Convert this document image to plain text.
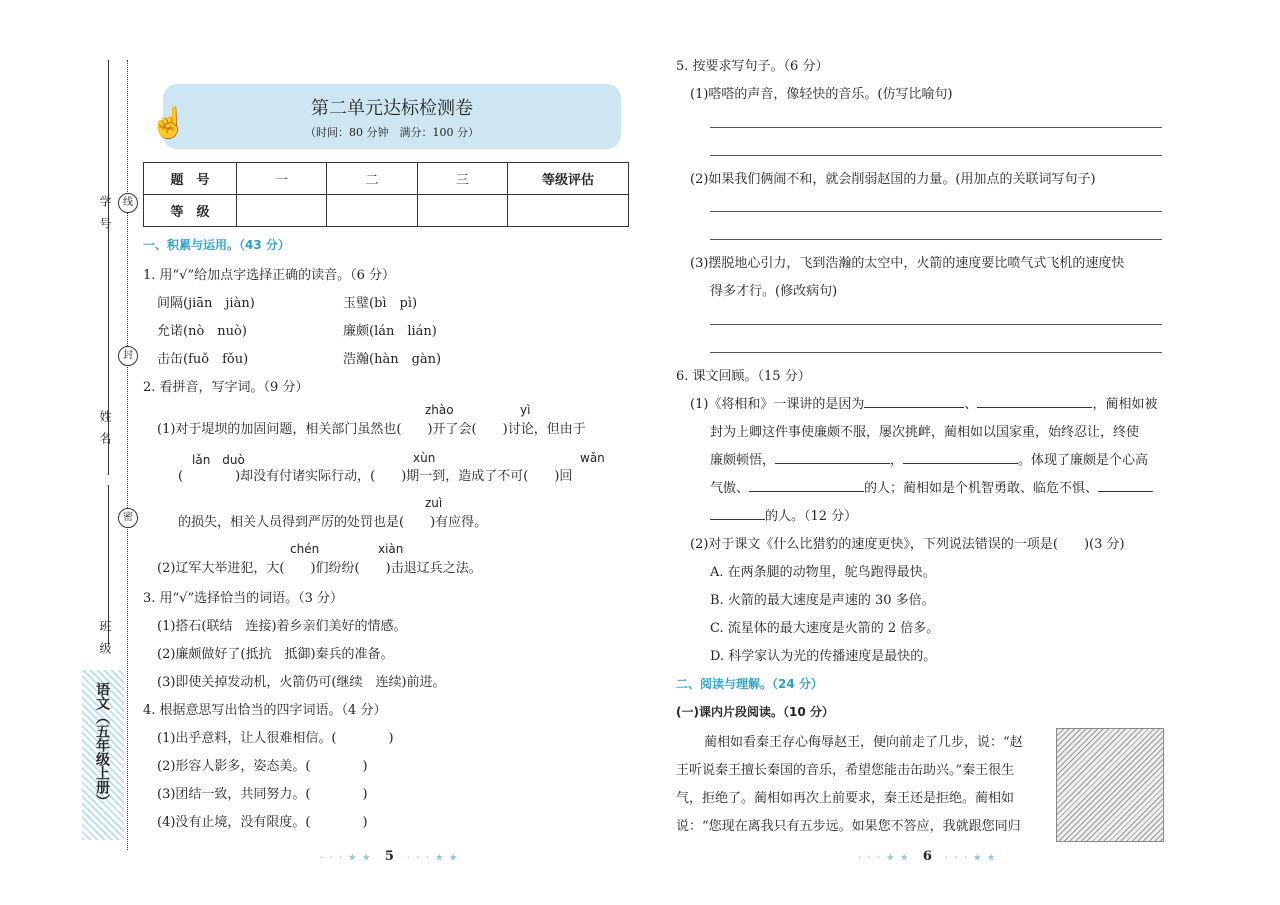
线
封
密
学号
姓名
班级
语文（五年级上册）
第二单元达标检测卷
（时间：80 分钟　满分：100 分）
☝
题　号	一	二	三	等级评估
等　级				
一、积累与运用。（43 分）
1. 用“√”给加点字选择正确的读音。（6 分）
间隔(jiān　jiàn)	玉璧(bì　pì)
允诺(nò　nuò)	廉颇(lán　lián)
击缶(fuǒ　fǒu)	浩瀚(hàn　gàn)
2. 看拼音，写字词。（9 分）
zhào	yì
(1)对于堤坝的加固问题，相关部门虽然也(　　)开了会(　　)讨论，但由于
lǎn　duò	xùn	wǎn
(　　　　)却没有付诸实际行动，(　　)期一到，造成了不可(　　)回
zuì
的损失，相关人员得到严厉的处罚也是(　　)有应得。
chén	xiàn
(2)辽军大举进犯，大(　　)们纷纷(　　)击退辽兵之法。
3. 用“√”选择恰当的词语。（3 分）
(1)搭石(联结　连接)着乡亲们美好的情感。
(2)廉颇做好了(抵抗　抵御)秦兵的准备。
(3)即使关掉发动机，火箭仍可(继续　连续)前进。
4. 根据意思写出恰当的四字词语。（4 分）
(1)出乎意料，让人很难相信。(　　　　)
(2)形容人影多，姿态美。(　　　　)
(3)团结一致，共同努力。(　　　　)
(4)没有止境，没有限度。(　　　　)
· · · ★ ★　 5　 · · · ★ ★
5. 按要求写句子。（6 分）
(1)嗒嗒的声音，像轻快的音乐。(仿写比喻句)
(2)如果我们俩闹不和，就会削弱赵国的力量。(用加点的关联词写句子)
(3)摆脱地心引力，飞到浩瀚的太空中，火箭的速度要比喷气式飞机的速度快
得多才行。(修改病句)
6. 课文回顾。（15 分）
(1)《将相和》一课讲的是因为	、	，蔺相如被
封为上卿这件事使廉颇不服，屡次挑衅，蔺相如以国家重，始终忍让，终使
廉颇顿悟，	，	。体现了廉颇是个心高
气傲、	的人；蔺相如是个机智勇敢、临危不惧、
的人。（12 分）
(2)对于课文《什么比猎豹的速度更快》，下列说法错误的一项是(　　)(3 分)
A. 在两条腿的动物里，鸵鸟跑得最快。
B. 火箭的最大速度是声速的 30 多倍。
C. 流星体的最大速度是火箭的 2 倍多。
D. 科学家认为光的传播速度是最快的。
二、阅读与理解。（24 分）
(一)课内片段阅读。（10 分）
蔺相如看秦王存心侮辱赵王，便向前走了几步，说：“赵
王听说秦王擅长秦国的音乐，希望您能击缶助兴。”秦王很生
气，拒绝了。蔺相如再次上前要求，秦王还是拒绝。蔺相如
说：“您现在离我只有五步远。如果您不答应，我就跟您同归
· · · ★ ★　 6　 · · · ★ ★
